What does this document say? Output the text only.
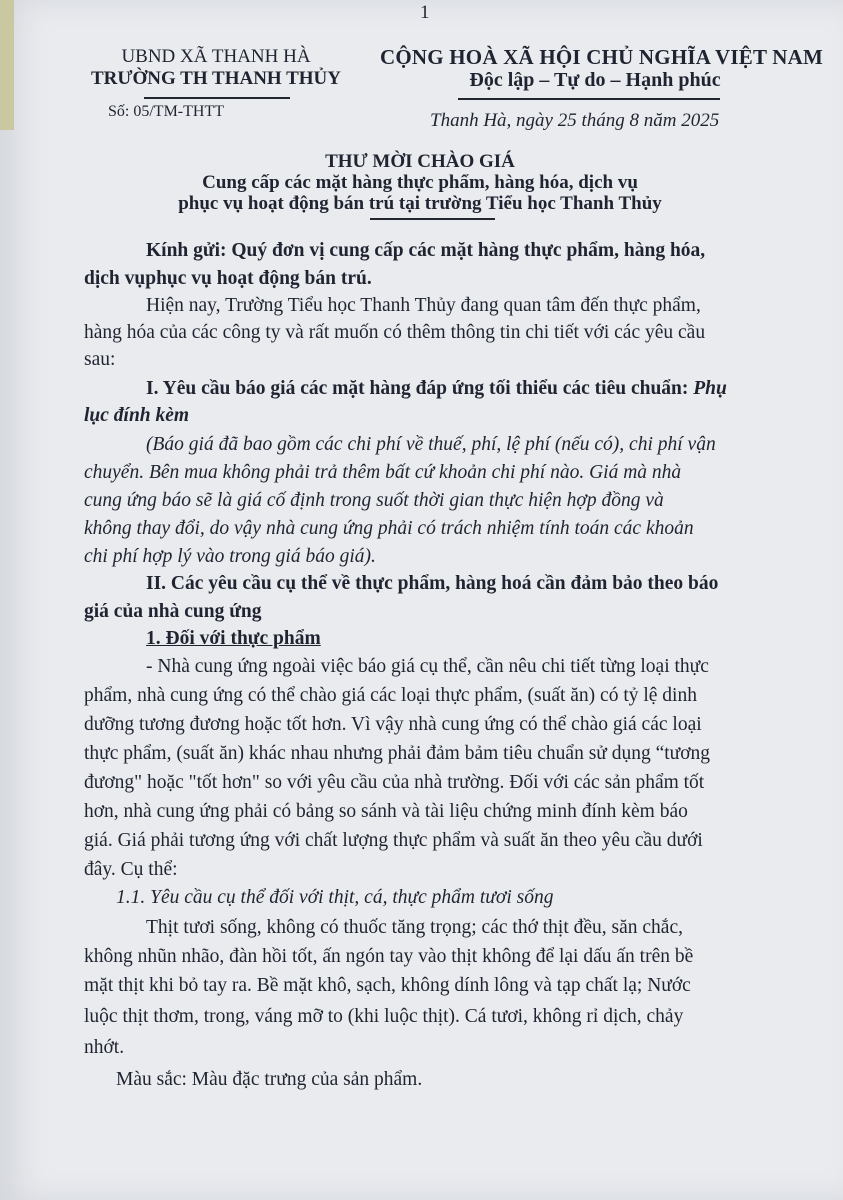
1
UBND XÃ THANH HÀ
TRƯỜNG TH THANH THỦY
Số: 05/TM-THTT
CỘNG HOÀ XÃ HỘI CHỦ NGHĨA VIỆT NAM
Độc lập – Tự do – Hạnh phúc
Thanh Hà, ngày 25 tháng 8 năm 2025
THƯ MỜI CHÀO GIÁ
Cung cấp các mặt hàng thực phẩm, hàng hóa, dịch vụ
phục vụ hoạt động bán trú tại trường Tiểu học Thanh Thủy
Kính gửi: Quý đơn vị cung cấp các mặt hàng thực phẩm, hàng hóa,
dịch vụphục vụ hoạt động bán trú.
Hiện nay, Trường Tiểu học Thanh Thủy đang quan tâm đến thực phẩm,
hàng hóa của các công ty và rất muốn có thêm thông tin chi tiết với các yêu cầu
sau:
I. Yêu cầu báo giá các mặt hàng đáp ứng tối thiểu các tiêu chuẩn: Phụ
lục đính kèm
(Báo giá đã bao gồm các chi phí về thuế, phí, lệ phí (nếu có), chi phí vận
chuyển. Bên mua không phải trả thêm bất cứ khoản chi phí nào. Giá mà nhà
cung ứng báo sẽ là giá cố định trong suốt thời gian thực hiện hợp đồng và
không thay đổi, do vậy nhà cung ứng phải có trách nhiệm tính toán các khoản
chi phí hợp lý vào trong giá báo giá).
II. Các yêu cầu cụ thể về thực phẩm, hàng hoá cần đảm bảo theo báo
giá của nhà cung ứng
1. Đối với thực phẩm
- Nhà cung ứng ngoài việc báo giá cụ thể, cần nêu chi tiết từng loại thực
phẩm, nhà cung ứng có thể chào giá các loại thực phẩm, (suất ăn) có tỷ lệ dinh
dưỡng tương đương hoặc tốt hơn. Vì vậy nhà cung ứng có thể chào giá các loại
thực phẩm, (suất ăn) khác nhau nhưng phải đảm bảm tiêu chuẩn sử dụng “tương
đương" hoặc "tốt hơn" so với yêu cầu của nhà trường. Đối với các sản phẩm tốt
hơn, nhà cung ứng phải có bảng so sánh và tài liệu chứng minh đính kèm báo
giá. Giá phải tương ứng với chất lượng thực phẩm và suất ăn theo yêu cầu dưới
đây. Cụ thể:
1.1. Yêu cầu cụ thể đối với thịt, cá, thực phẩm tươi sống
Thịt tươi sống, không có thuốc tăng trọng; các thớ thịt đều, săn chắc,
không nhũn nhão, đàn hồi tốt, ấn ngón tay vào thịt không để lại dấu ấn trên bề
mặt thịt khi bỏ tay ra. Bề mặt khô, sạch, không dính lông và tạp chất lạ; Nước
luộc thịt thơm, trong, váng mỡ to (khi luộc thịt). Cá tươi, không rỉ dịch, chảy
nhớt.
Màu sắc: Màu đặc trưng của sản phẩm.
